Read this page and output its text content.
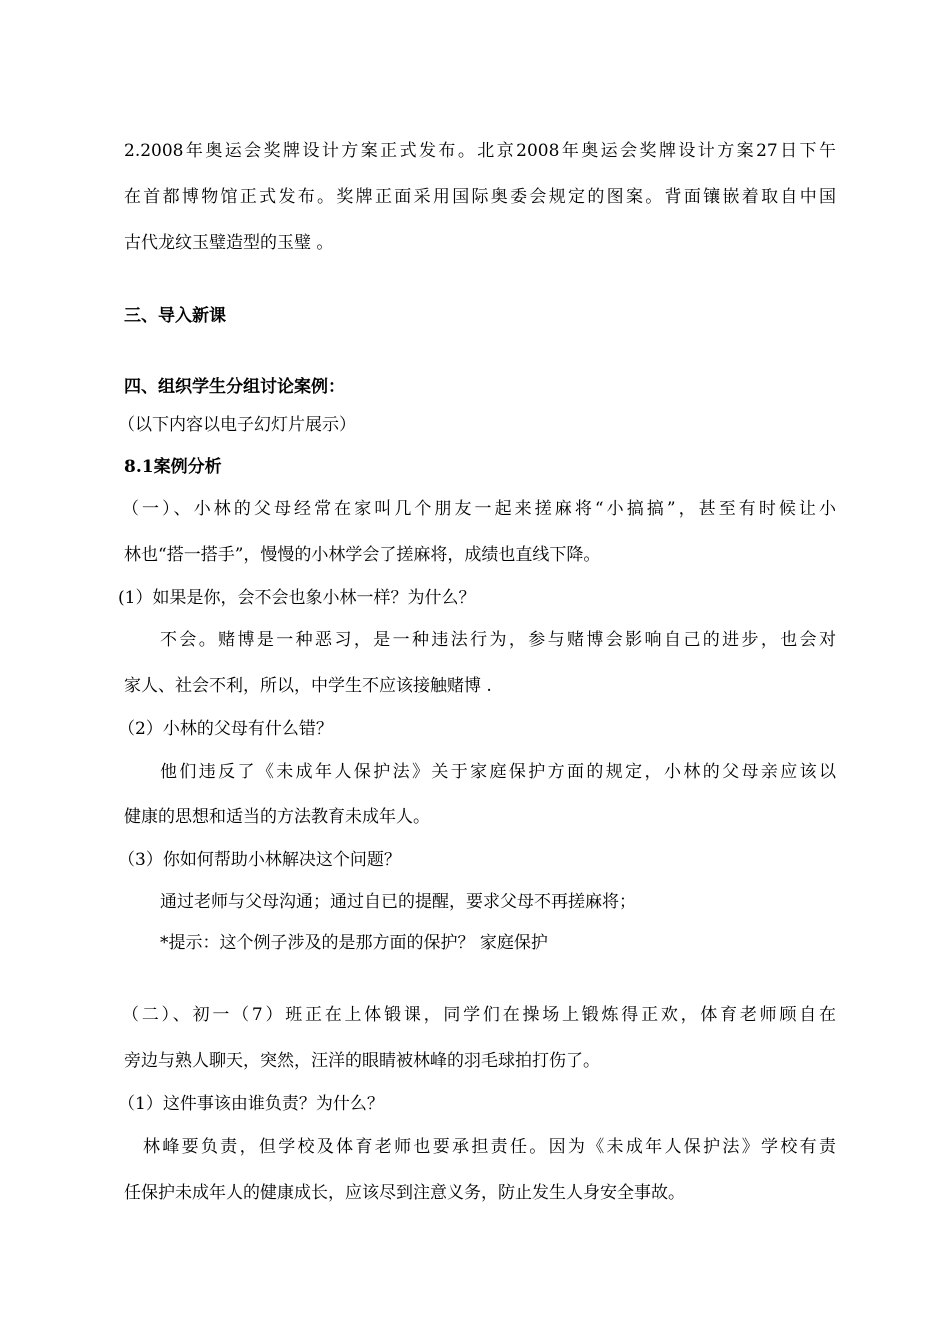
2.2008年奥运会奖牌设计方案正式发布。北京2008年奥运会奖牌设计方案27日下午
在首都博物馆正式发布。奖牌正面采用国际奥委会规定的图案。背面镶嵌着取自中国
古代龙纹玉璧造型的玉璧 。
三、导入新课
四、组织学生分组讨论案例：
（以下内容以电子幻灯片展示）
8.1案例分析
（一）、小林的父母经常在家叫几个朋友一起来搓麻将“小搞搞”，甚至有时候让小
林也“搭一搭手”，慢慢的小林学会了搓麻将，成绩也直线下降。
(1）如果是你，会不会也象小林一样？为什么？
不会。赌博是一种恶习，是一种违法行为，参与赌博会影响自己的进步，也会对
家人、社会不利，所以，中学生不应该接触赌博 .
（2）小林的父母有什么错？
他们违反了《未成年人保护法》关于家庭保护方面的规定，小林的父母亲应该以
健康的思想和适当的方法教育未成年人。
（3）你如何帮助小林解决这个问题？
通过老师与父母沟通；通过自已的提醒，要求父母不再搓麻将；
*提示：这个例子涉及的是那方面的保护？ 家庭保护
（二）、初一（7）班正在上体锻课，同学们在操场上锻炼得正欢，体育老师顾自在
旁边与熟人聊天，突然，汪洋的眼睛被林峰的羽毛球拍打伤了。
（1）这件事该由谁负责？为什么？
林峰要负责，但学校及体育老师也要承担责任。因为《未成年人保护法》学校有责
任保护未成年人的健康成长，应该尽到注意义务，防止发生人身安全事故。
